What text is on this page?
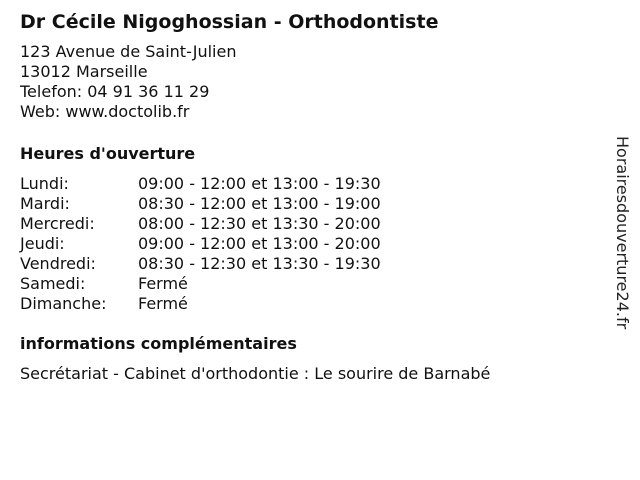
Dr Cécile Nigoghossian - Orthodontiste
123 Avenue de Saint-Julien
13012 Marseille
Telefon: 04 91 36 11 29
Web: www.doctolib.fr
Heures d'ouverture
Lundi:	09:00 - 12:00 et 13:00 - 19:30
Mardi:	08:30 - 12:00 et 13:00 - 19:00
Mercredi:	08:00 - 12:30 et 13:30 - 20:00
Jeudi:	09:00 - 12:00 et 13:00 - 20:00
Vendredi:	08:30 - 12:30 et 13:30 - 19:30
Samedi:	Fermé
Dimanche:	Fermé
informations complémentaires
Secrétariat - Cabinet d'orthodontie : Le sourire de Barnabé
Horairesdouverture24.fr
